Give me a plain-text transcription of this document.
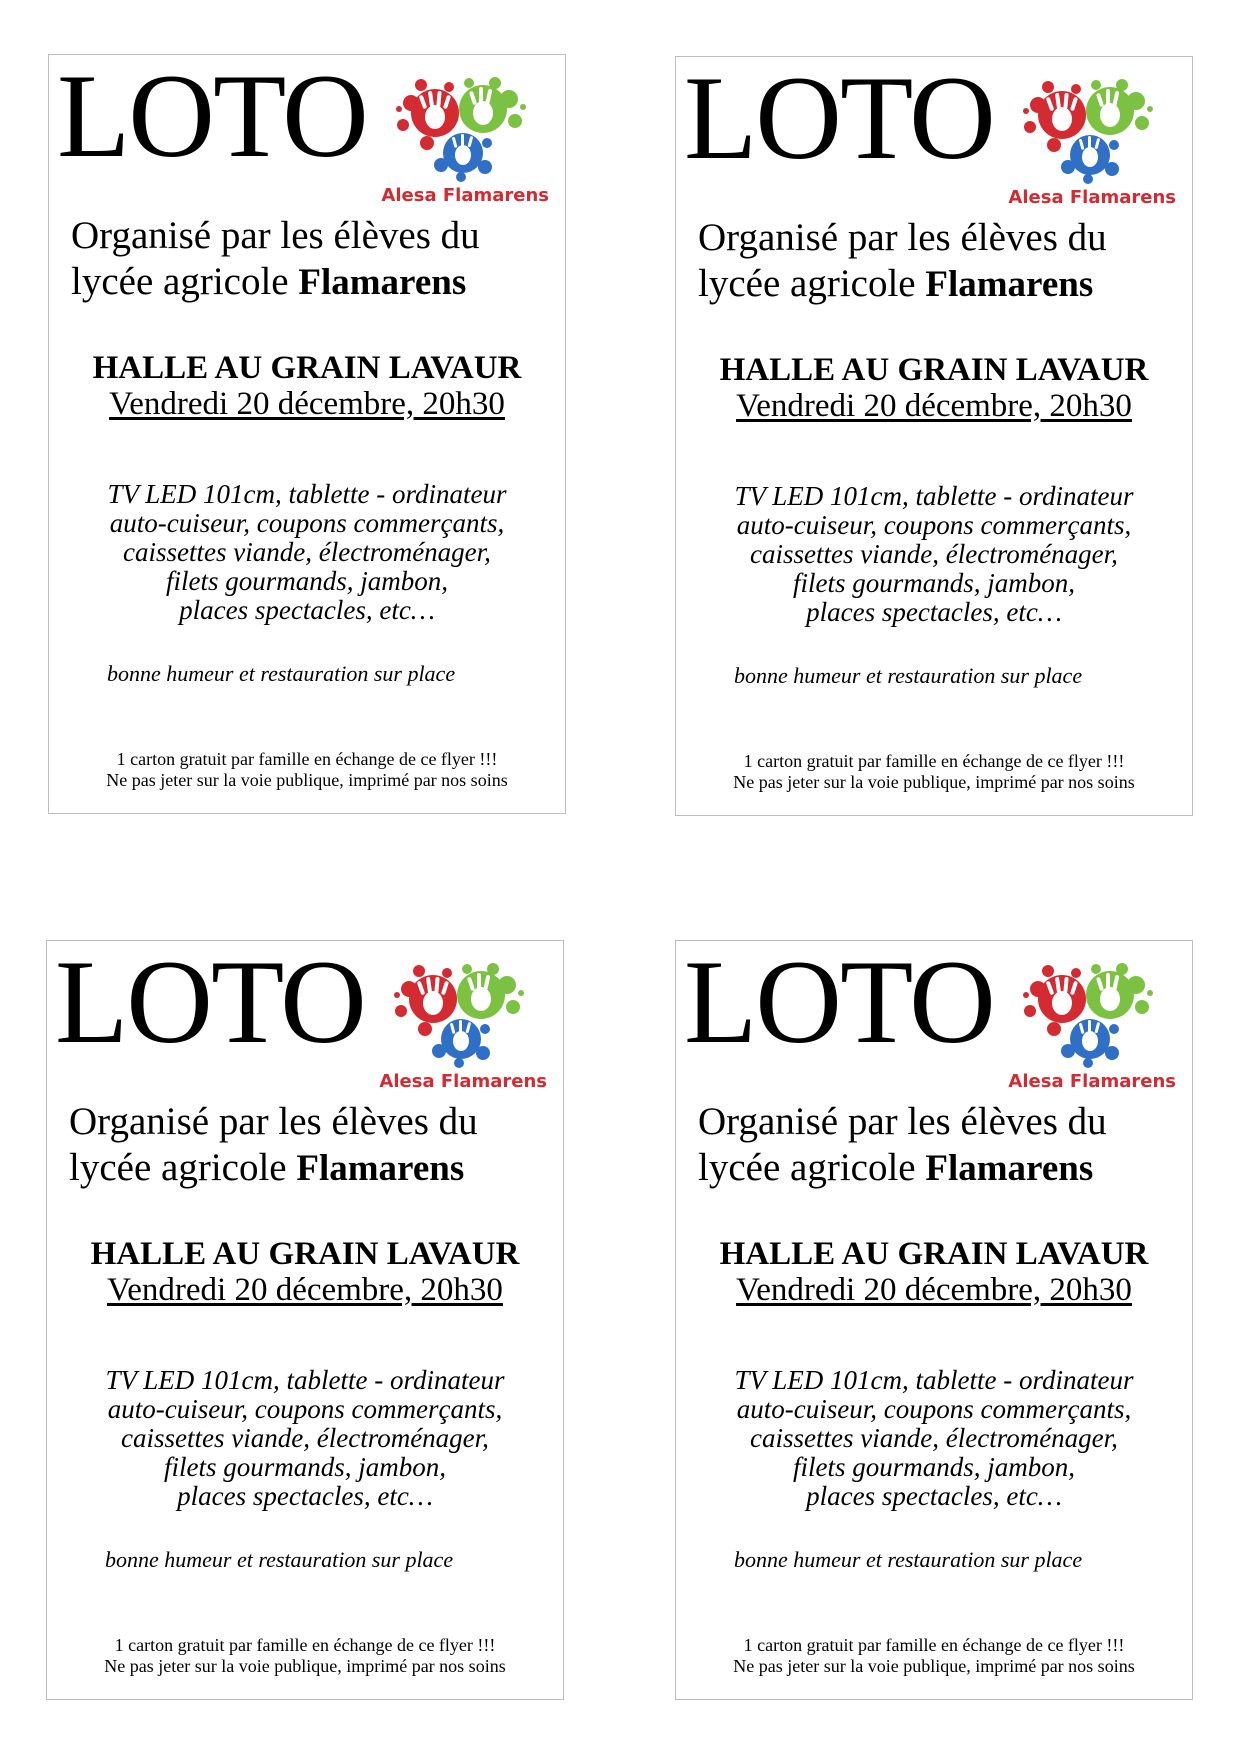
LOTO
Alesa Flamarens
Organisé par les élèves du
lycée agricole Flamarens
HALLE AU GRAIN LAVAUR
Vendredi 20 décembre, 20h30
TV LED 101cm, tablette - ordinateur
auto-cuiseur, coupons commerçants,
caissettes viande, électroménager,
filets gourmands, jambon,
places spectacles, etc…
bonne humeur et restauration sur place
1 carton gratuit par famille en échange de ce flyer !!!
Ne pas jeter sur la voie publique, imprimé par nos soins
LOTO
Alesa Flamarens
Organisé par les élèves du
lycée agricole Flamarens
HALLE AU GRAIN LAVAUR
Vendredi 20 décembre, 20h30
TV LED 101cm, tablette - ordinateur
auto-cuiseur, coupons commerçants,
caissettes viande, électroménager,
filets gourmands, jambon,
places spectacles, etc…
bonne humeur et restauration sur place
1 carton gratuit par famille en échange de ce flyer !!!
Ne pas jeter sur la voie publique, imprimé par nos soins
LOTO
Alesa Flamarens
Organisé par les élèves du
lycée agricole Flamarens
HALLE AU GRAIN LAVAUR
Vendredi 20 décembre, 20h30
TV LED 101cm, tablette - ordinateur
auto-cuiseur, coupons commerçants,
caissettes viande, électroménager,
filets gourmands, jambon,
places spectacles, etc…
bonne humeur et restauration sur place
1 carton gratuit par famille en échange de ce flyer !!!
Ne pas jeter sur la voie publique, imprimé par nos soins
LOTO
Alesa Flamarens
Organisé par les élèves du
lycée agricole Flamarens
HALLE AU GRAIN LAVAUR
Vendredi 20 décembre, 20h30
TV LED 101cm, tablette - ordinateur
auto-cuiseur, coupons commerçants,
caissettes viande, électroménager,
filets gourmands, jambon,
places spectacles, etc…
bonne humeur et restauration sur place
1 carton gratuit par famille en échange de ce flyer !!!
Ne pas jeter sur la voie publique, imprimé par nos soins
